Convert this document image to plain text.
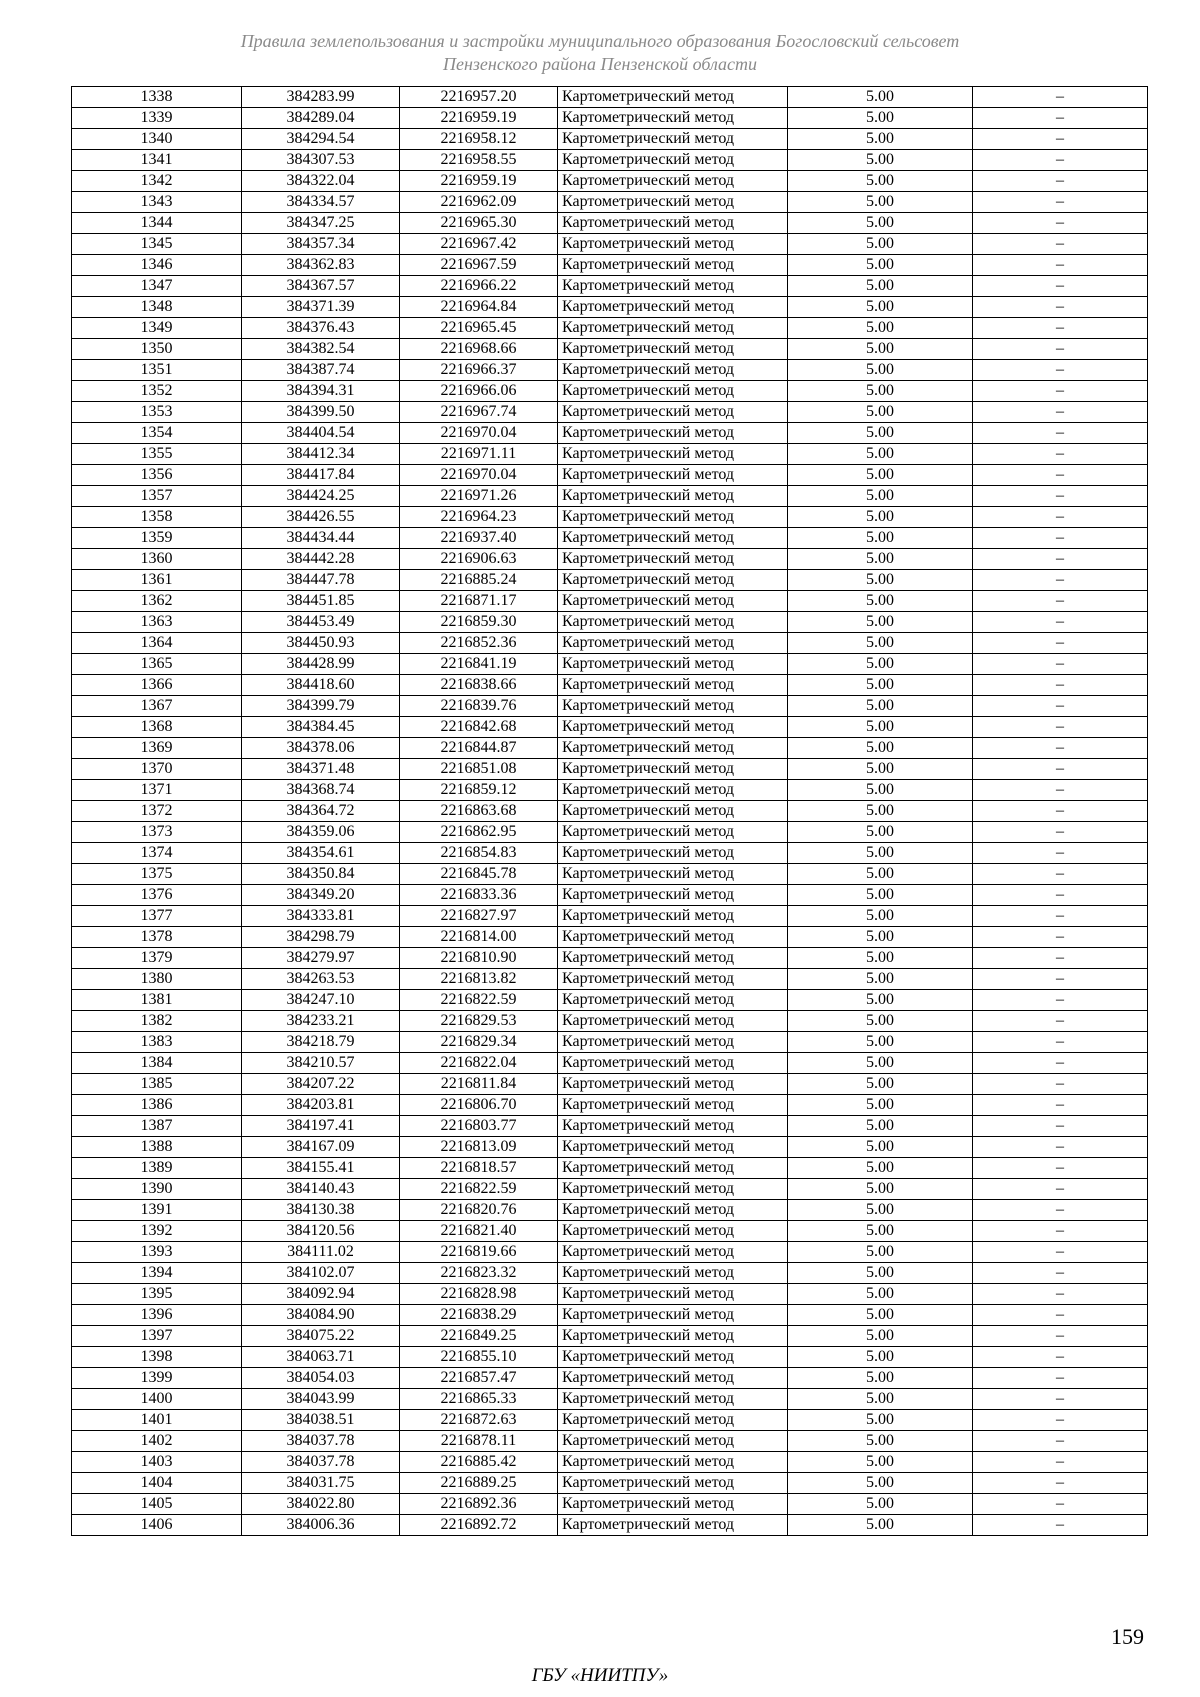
Правила землепользования и застройки муниципального образования Богословский сельсовет
Пензенского района Пензенской области
1338	384283.99	2216957.20	Картометрический метод	5.00	–
1339	384289.04	2216959.19	Картометрический метод	5.00	–
1340	384294.54	2216958.12	Картометрический метод	5.00	–
1341	384307.53	2216958.55	Картометрический метод	5.00	–
1342	384322.04	2216959.19	Картометрический метод	5.00	–
1343	384334.57	2216962.09	Картометрический метод	5.00	–
1344	384347.25	2216965.30	Картометрический метод	5.00	–
1345	384357.34	2216967.42	Картометрический метод	5.00	–
1346	384362.83	2216967.59	Картометрический метод	5.00	–
1347	384367.57	2216966.22	Картометрический метод	5.00	–
1348	384371.39	2216964.84	Картометрический метод	5.00	–
1349	384376.43	2216965.45	Картометрический метод	5.00	–
1350	384382.54	2216968.66	Картометрический метод	5.00	–
1351	384387.74	2216966.37	Картометрический метод	5.00	–
1352	384394.31	2216966.06	Картометрический метод	5.00	–
1353	384399.50	2216967.74	Картометрический метод	5.00	–
1354	384404.54	2216970.04	Картометрический метод	5.00	–
1355	384412.34	2216971.11	Картометрический метод	5.00	–
1356	384417.84	2216970.04	Картометрический метод	5.00	–
1357	384424.25	2216971.26	Картометрический метод	5.00	–
1358	384426.55	2216964.23	Картометрический метод	5.00	–
1359	384434.44	2216937.40	Картометрический метод	5.00	–
1360	384442.28	2216906.63	Картометрический метод	5.00	–
1361	384447.78	2216885.24	Картометрический метод	5.00	–
1362	384451.85	2216871.17	Картометрический метод	5.00	–
1363	384453.49	2216859.30	Картометрический метод	5.00	–
1364	384450.93	2216852.36	Картометрический метод	5.00	–
1365	384428.99	2216841.19	Картометрический метод	5.00	–
1366	384418.60	2216838.66	Картометрический метод	5.00	–
1367	384399.79	2216839.76	Картометрический метод	5.00	–
1368	384384.45	2216842.68	Картометрический метод	5.00	–
1369	384378.06	2216844.87	Картометрический метод	5.00	–
1370	384371.48	2216851.08	Картометрический метод	5.00	–
1371	384368.74	2216859.12	Картометрический метод	5.00	–
1372	384364.72	2216863.68	Картометрический метод	5.00	–
1373	384359.06	2216862.95	Картометрический метод	5.00	–
1374	384354.61	2216854.83	Картометрический метод	5.00	–
1375	384350.84	2216845.78	Картометрический метод	5.00	–
1376	384349.20	2216833.36	Картометрический метод	5.00	–
1377	384333.81	2216827.97	Картометрический метод	5.00	–
1378	384298.79	2216814.00	Картометрический метод	5.00	–
1379	384279.97	2216810.90	Картометрический метод	5.00	–
1380	384263.53	2216813.82	Картометрический метод	5.00	–
1381	384247.10	2216822.59	Картометрический метод	5.00	–
1382	384233.21	2216829.53	Картометрический метод	5.00	–
1383	384218.79	2216829.34	Картометрический метод	5.00	–
1384	384210.57	2216822.04	Картометрический метод	5.00	–
1385	384207.22	2216811.84	Картометрический метод	5.00	–
1386	384203.81	2216806.70	Картометрический метод	5.00	–
1387	384197.41	2216803.77	Картометрический метод	5.00	–
1388	384167.09	2216813.09	Картометрический метод	5.00	–
1389	384155.41	2216818.57	Картометрический метод	5.00	–
1390	384140.43	2216822.59	Картометрический метод	5.00	–
1391	384130.38	2216820.76	Картометрический метод	5.00	–
1392	384120.56	2216821.40	Картометрический метод	5.00	–
1393	384111.02	2216819.66	Картометрический метод	5.00	–
1394	384102.07	2216823.32	Картометрический метод	5.00	–
1395	384092.94	2216828.98	Картометрический метод	5.00	–
1396	384084.90	2216838.29	Картометрический метод	5.00	–
1397	384075.22	2216849.25	Картометрический метод	5.00	–
1398	384063.71	2216855.10	Картометрический метод	5.00	–
1399	384054.03	2216857.47	Картометрический метод	5.00	–
1400	384043.99	2216865.33	Картометрический метод	5.00	–
1401	384038.51	2216872.63	Картометрический метод	5.00	–
1402	384037.78	2216878.11	Картометрический метод	5.00	–
1403	384037.78	2216885.42	Картометрический метод	5.00	–
1404	384031.75	2216889.25	Картометрический метод	5.00	–
1405	384022.80	2216892.36	Картометрический метод	5.00	–
1406	384006.36	2216892.72	Картометрический метод	5.00	–
159
ГБУ «НИИТПУ»
